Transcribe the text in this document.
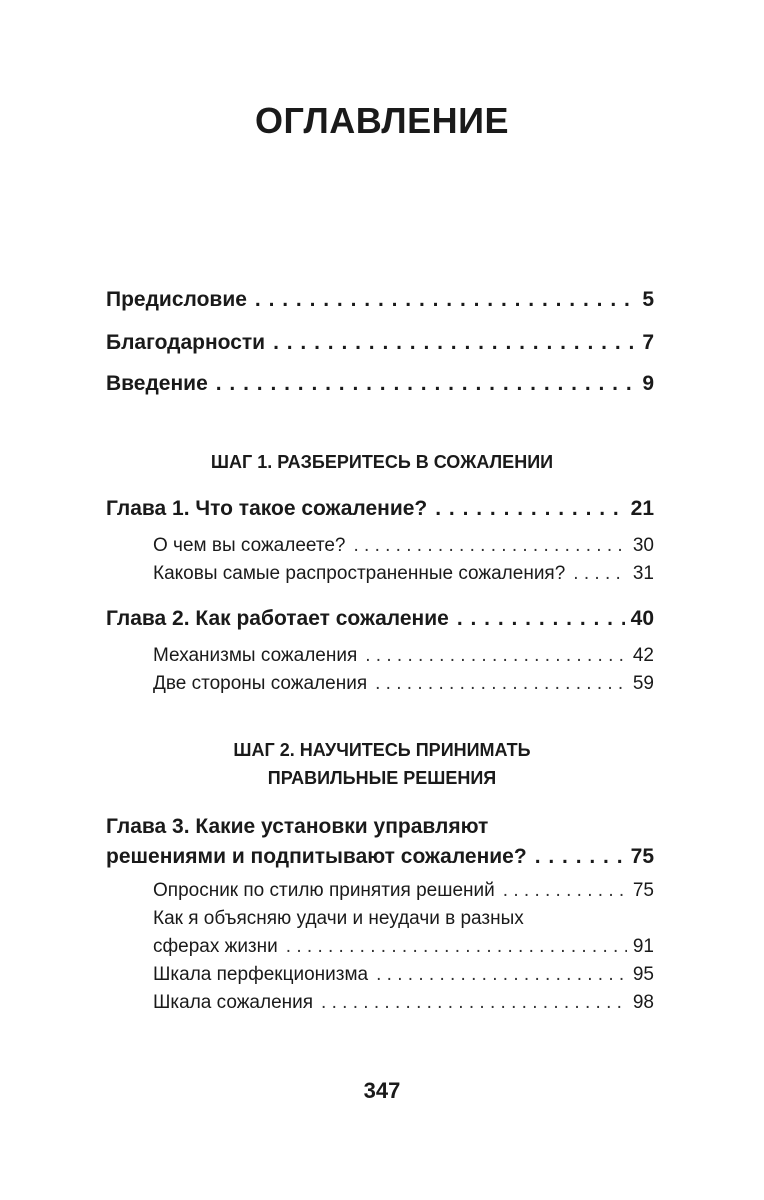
ОГЛАВЛЕНИЕ
Предисловие . . .	5
Благодарности . . .	7
Введение . . .	9
ШАГ 1. РАЗБЕРИТЕСЬ В СОЖАЛЕНИИ
Глава 1. Что такое сожаление? . . .	21
О чем вы сожалеете? . . .	30
Каковы самые распространенные сожаления? . . .	31
Глава 2. Как работает сожаление . . .	40
Механизмы сожаления . . .	42
Две стороны сожаления . . .	59
ШАГ 2. НАУЧИТЕСЬ ПРИНИМАТЬ
ПРАВИЛЬНЫЕ РЕШЕНИЯ
Глава 3. Какие установки управляют
решениями и подпитывают сожаление? . . .	75
Опросник по стилю принятия решений . . .	75
Как я объясняю удачи и неудачи в разных
сферах жизни . . .	91
Шкала перфекционизма . . .	95
Шкала сожаления . . .	98
347
